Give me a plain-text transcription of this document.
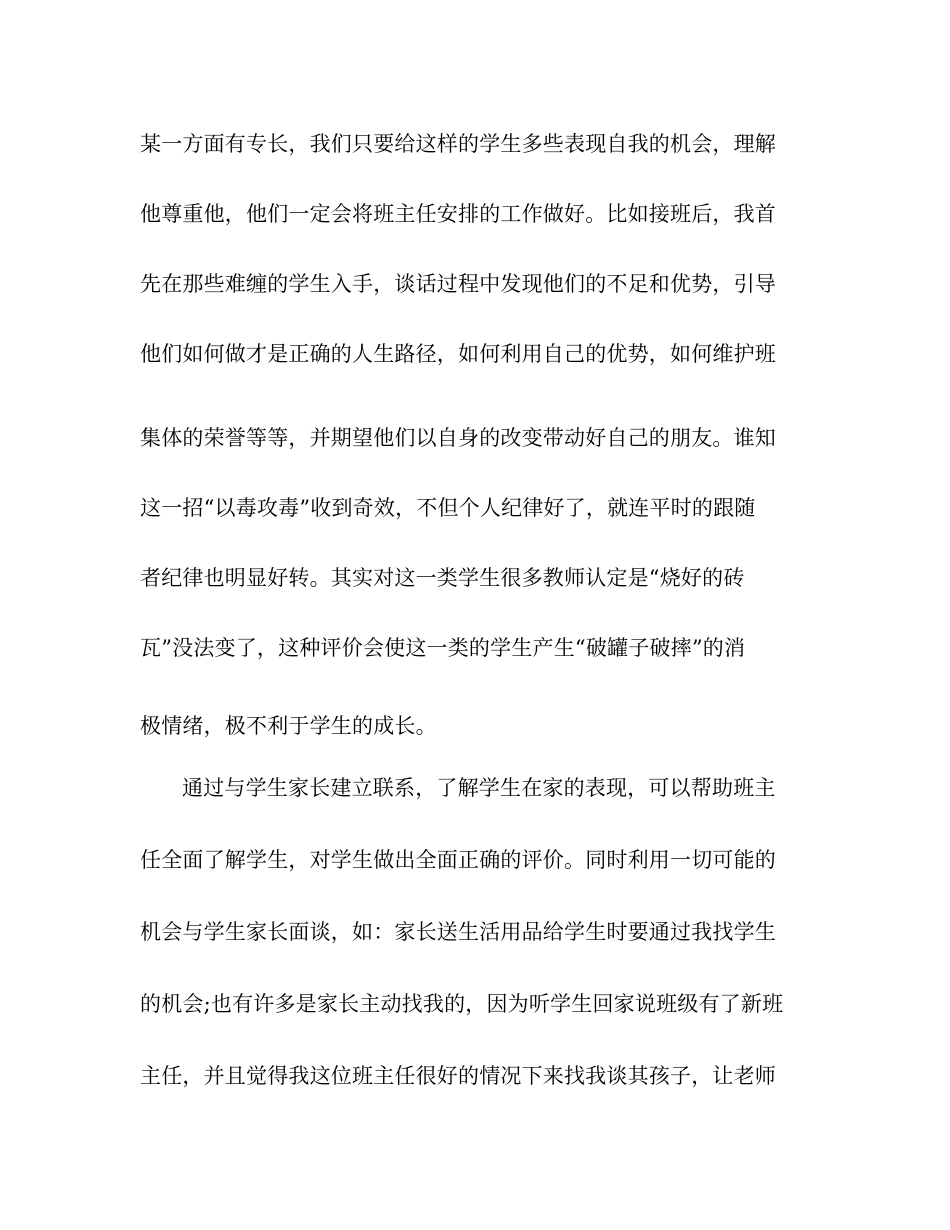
某一方面有专长，我们只要给这样的学生多些表现自我的机会，理解
他尊重他，他们一定会将班主任安排的工作做好。比如接班后，我首
先在那些难缠的学生入手，谈话过程中发现他们的不足和优势，引导
他们如何做才是正确的人生路径，如何利用自己的优势，如何维护班
集体的荣誉等等，并期望他们以自身的改变带动好自己的朋友。谁知
这一招“以毒攻毒”收到奇效，不但个人纪律好了，就连平时的跟随
者纪律也明显好转。其实对这一类学生很多教师认定是“烧好的砖
瓦”没法变了，这种评价会使这一类的学生产生“破罐子破摔”的消
极情绪，极不利于学生的成长。
通过与学生家长建立联系，了解学生在家的表现，可以帮助班主
任全面了解学生，对学生做出全面正确的评价。同时利用一切可能的
机会与学生家长面谈，如：家长送生活用品给学生时要通过我找学生
的机会;也有许多是家长主动找我的，因为听学生回家说班级有了新班
主任，并且觉得我这位班主任很好的情况下来找我谈其孩子，让老师
